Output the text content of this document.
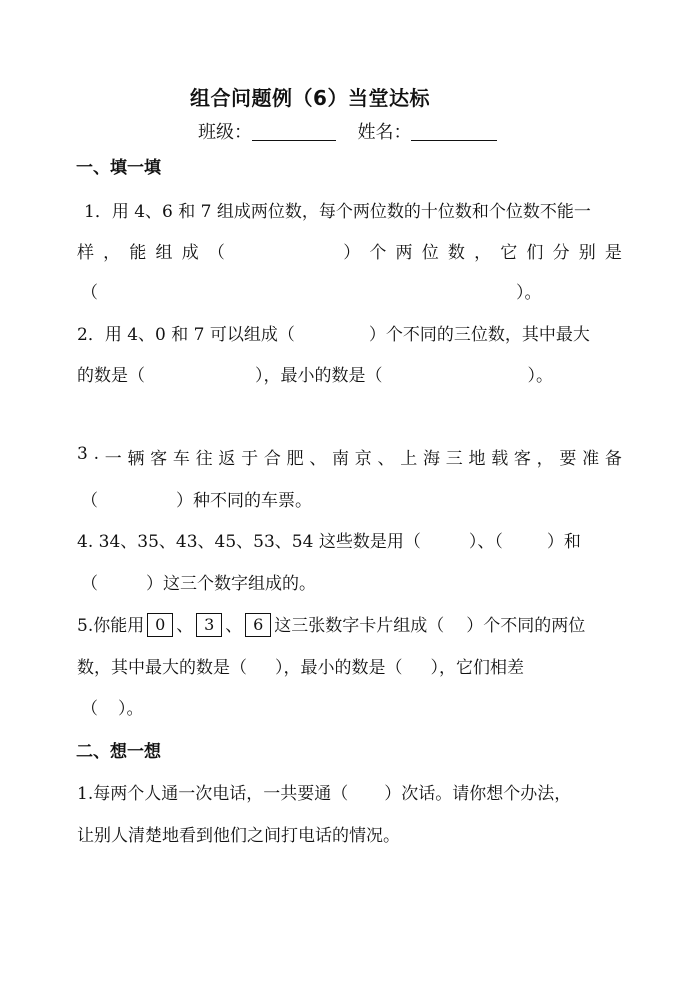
组合问题例（6）当堂达标
班级：	姓名：
一、填一填
1．用 4、6 和 7 组成两位数，每个两位数的十位数和个位数不能一
样 ， 能 组 成 （	） 个 两 位 数 ， 它 们 分 别 是
（	）。
2．用 4、0 和 7 可以组成（	）个不同的三位数，其中最大
的数是（	），最小的数是（	）。
3 . 一 辆 客 车 往 返 于 合 肥 、 南 京 、 上 海 三 地 载 客 ， 要 准 备
（	）种不同的车票。
4. 34、35、43、45、53、54 这些数是用（	）、（	）和
（	）这三个数字组成的。
5.你能用 0 、 3 、 6 这三张数字卡片组成（ ）个不同的两位
数，其中最大的数是（ ），最小的数是（ ），它们相差
（ ）。
二、想一想
1.每两个人通一次电话，一共要通（ ）次话。请你想个办法，
让别人清楚地看到他们之间打电话的情况。
